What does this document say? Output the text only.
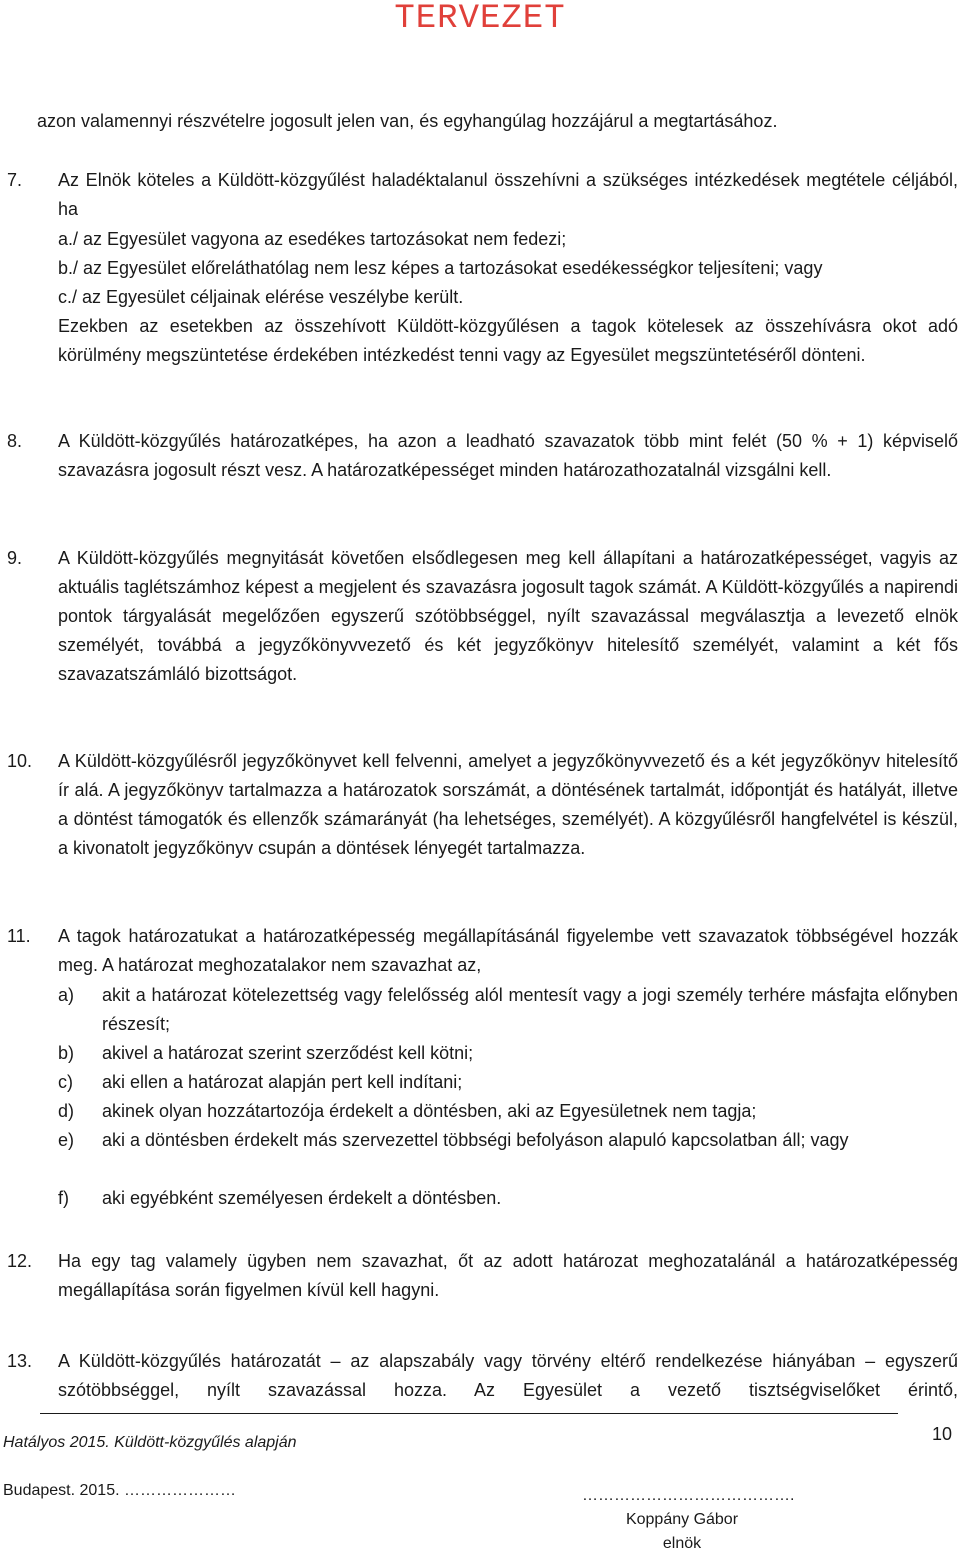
TERVEZET
azon valamennyi részvételre jogosult jelen van, és egyhangúlag hozzájárul a megtartásához.
7. Az Elnök köteles a Küldött-közgyűlést haladéktalanul összehívni a szükséges intézkedések megtétele céljából, ha
a./ az Egyesület vagyona az esedékes tartozásokat nem fedezi;
b./ az Egyesület előreláthatólag nem lesz képes a tartozásokat esedékességkor teljesíteni; vagy
c./ az Egyesület céljainak elérése veszélybe került.
Ezekben az esetekben az összehívott Küldött-közgyűlésen a tagok kötelesek az összehívásra okot adó körülmény megszüntetése érdekében intézkedést tenni vagy az Egyesület megszüntetéséről dönteni.
8. A Küldött-közgyűlés határozatképes, ha azon a leadható szavazatok több mint felét (50 % + 1) képviselő szavazásra jogosult részt vesz. A határozatképességet minden határozathozatalnál vizsgálni kell.
9. A Küldött-közgyűlés megnyitását követően elsődlegesen meg kell állapítani a határozatképességet, vagyis az aktuális taglétszámhoz képest a megjelent és szavazásra jogosult tagok számát. A Küldött-közgyűlés a napirendi pontok tárgyalását megelőzően egyszerű szótöbbséggel, nyílt szavazással megválasztja a levezető elnök személyét, továbbá a jegyzőkönyvvezető és két jegyzőkönyv hitelesítő személyét, valamint a két fős szavazatszámláló bizottságot.
10. A Küldött-közgyűlésről jegyzőkönyvet kell felvenni, amelyet a jegyzőkönyvvezető és a két jegyzőkönyv hitelesítő ír alá. A jegyzőkönyv tartalmazza a határozatok sorszámát, a döntésének tartalmát, időpontját és hatályát, illetve a döntést támogatók és ellenzők számarányát (ha lehetséges, személyét). A közgyűlésről hangfelvétel is készül, a kivonatolt jegyzőkönyv csupán a döntések lényegét tartalmazza.
11. A tagok határozatukat a határozatképesség megállapításánál figyelembe vett szavazatok többségével hozzák meg. A határozat meghozatalakor nem szavazhat az,
a) akit a határozat kötelezettség vagy felelősség alól mentesít vagy a jogi személy terhére másfajta előnyben részesít;
b) akivel a határozat szerint szerződést kell kötni;
c) aki ellen a határozat alapján pert kell indítani;
d) akinek olyan hozzátartozója érdekelt a döntésben, aki az Egyesületnek nem tagja;
e) aki a döntésben érdekelt más szervezettel többségi befolyáson alapuló kapcsolatban áll; vagy
f) aki egyébként személyesen érdekelt a döntésben.
12. Ha egy tag valamely ügyben nem szavazhat, őt az adott határozat meghozatalánál a határozatképesség megállapítása során figyelmen kívül kell hagyni.
13. A Küldött-közgyűlés határozatát – az alapszabály vagy törvény eltérő rendelkezése hiányában – egyszerű szótöbbséggel, nyílt szavazással hozza. Az Egyesület a vezető tisztségviselőket érintő,
Hatályos 2015. Küldött-közgyűlés alapján	10
Budapest. 2015. …………………	………………………………….
Koppány Gábor
elnök
